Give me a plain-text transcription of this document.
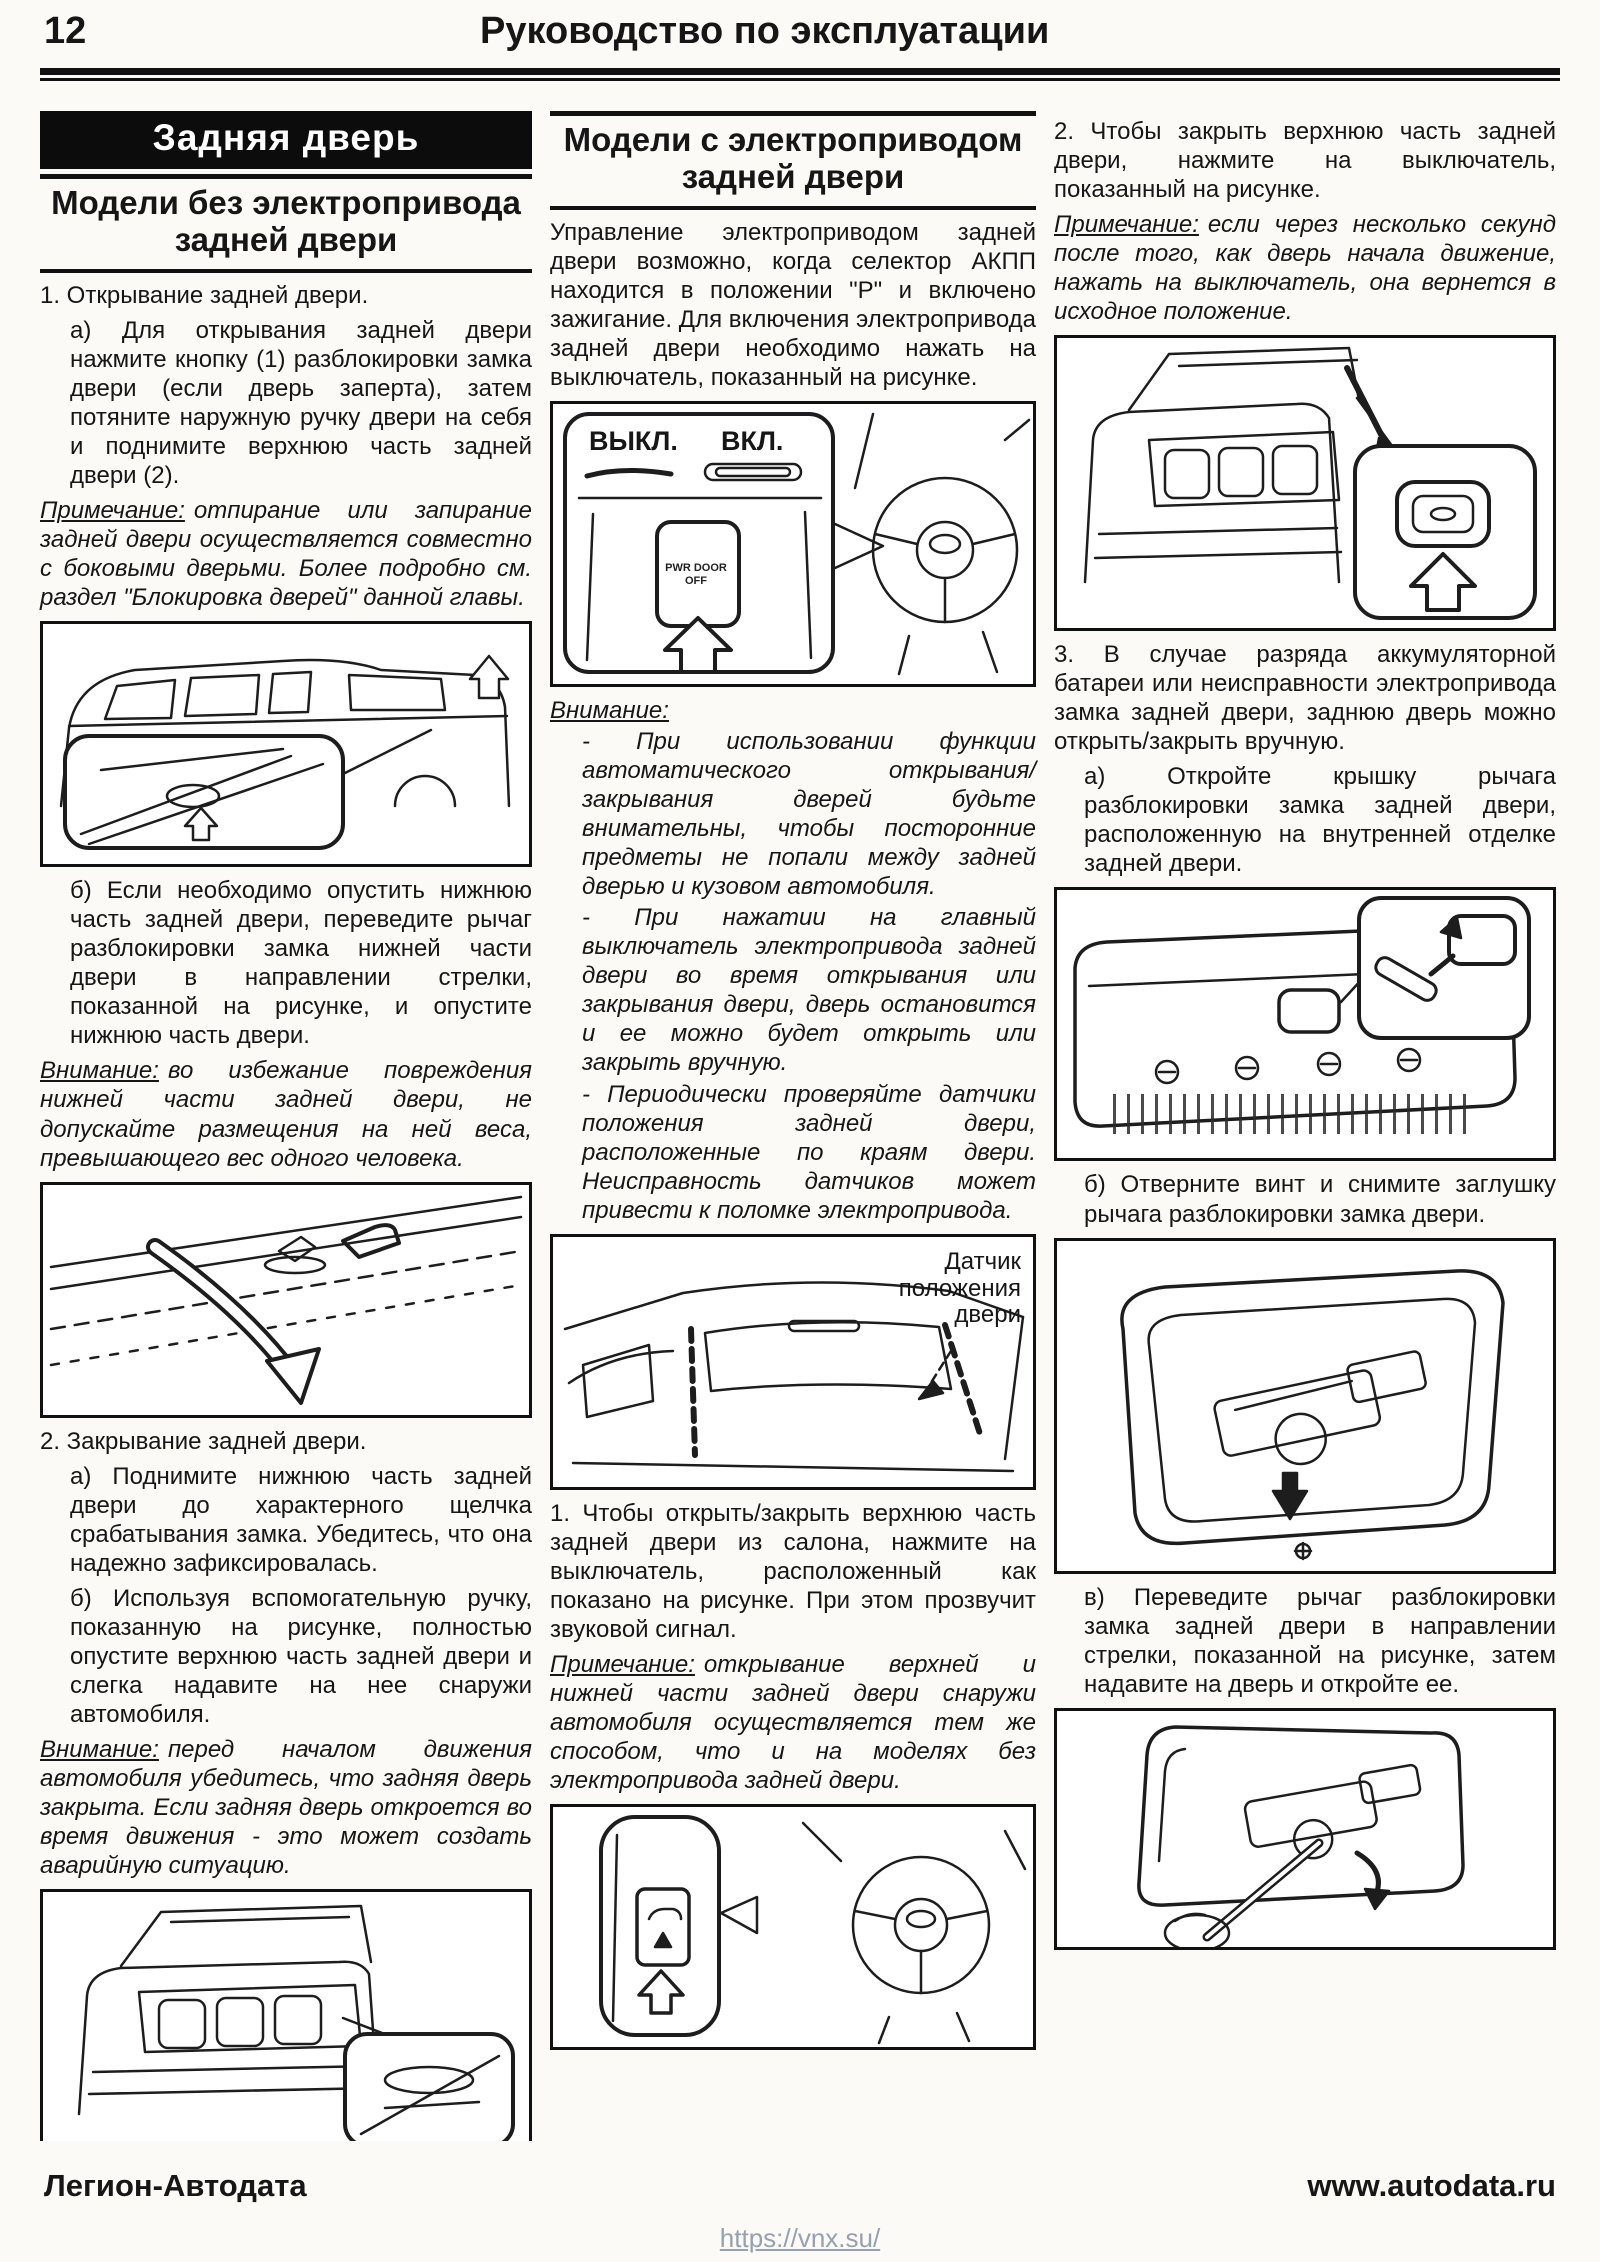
12	Руководство по эксплуатации
Задняя дверь
Модели без электропривода задней двери

1. Открывание задней двери.

а) Для открывания задней двери нажмите кнопку (1) разблокировки замка двери (если дверь заперта), затем потяните наружную ручку двери на себя и поднимите верхнюю часть задней двери (2).

Примечание: отпирание или запирание задней двери осуществляется совместно с боковыми дверьми. Более подробно см. раздел "Блокировка дверей" данной главы.

б) Если необходимо опустить нижнюю часть задней двери, переведите рычаг разблокировки замка нижней части двери в направлении стрелки, показанной на рисунке, и опустите нижнюю часть двери.

Внимание: во избежание повреждения нижней части задней двери, не допускайте размещения на ней веса, превышающего вес одного человека.

2. Закрывание задней двери.

а) Поднимите нижнюю часть задней двери до характерного щелчка срабатывания замка. Убедитесь, что она надежно зафиксировалась.

б) Используя вспомогательную ручку, показанную на рисунке, полностью опустите верхнюю часть задней двери и слегка надавите на нее снаружи автомобиля.

Внимание: перед началом движения автомобиля убедитесь, что задняя дверь закрыта. Если задняя дверь откроется во время движения - это может создать аварийную ситуацию.

Модели с электроприводом задней двери

Управление электроприводом задней двери возможно, когда селектор АКПП находится в положении "Р" и включено зажигание. Для включения электропривода задней двери необходимо нажать на выключатель, показанный на рисунке.

ВЫКЛ. ВКЛ.
PWR DOOR OFF

Внимание:

- При использовании функции автоматического открывания/закрывания дверей будьте внимательны, чтобы посторонние предметы не попали между задней дверью и кузовом автомобиля.

- При нажатии на главный выключатель электропривода задней двери во время открывания или закрывания двери, дверь остановится и ее можно будет открыть или закрыть вручную.

- Периодически проверяйте датчики положения задней двери, расположенные по краям двери. Неисправность датчиков может привести к поломке электропривода.

Датчик положения двери

1. Чтобы открыть/закрыть верхнюю часть задней двери из салона, нажмите на выключатель, расположенный как показано на рисунке. При этом прозвучит звуковой сигнал.

Примечание: открывание верхней и нижней части задней двери снаружи автомобиля осуществляется тем же способом, что и на моделях без электропривода задней двери.

2. Чтобы закрыть верхнюю часть задней двери, нажмите на выключатель, показанный на рисунке.

Примечание: если через несколько секунд после того, как дверь начала движение, нажать на выключатель, она вернется в исходное положение.

3. В случае разряда аккумуляторной батареи или неисправности электропривода замка задней двери, заднюю дверь можно открыть/закрыть вручную.

а) Откройте крышку рычага разблокировки замка задней двери, расположенную на внутренней отделке задней двери.

б) Отверните винт и снимите заглушку рычага разблокировки замка двери.

в) Переведите рычаг разблокировки замка задней двери в направлении стрелки, показанной на рисунке, затем надавите на дверь и откройте ее.

Легион-Автодата	www.autodata.ru
https://vnx.su/
